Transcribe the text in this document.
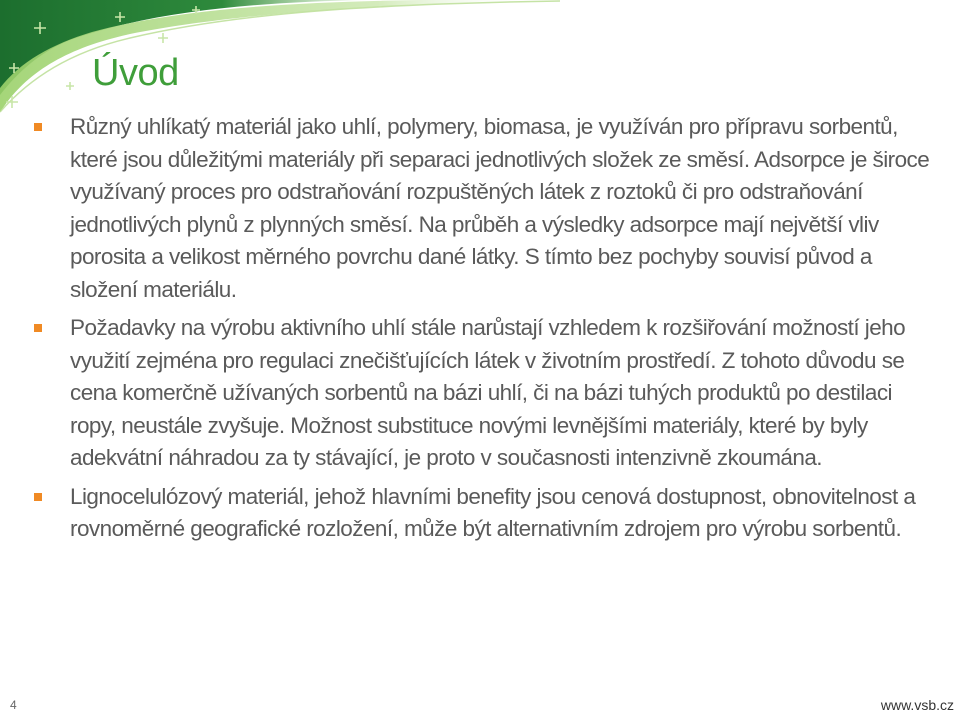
Úvod
Různý uhlíkatý materiál jako uhlí, polymery, biomasa, je využíván pro přípravu sorbentů, které jsou důležitými materiály při separaci jednotlivých složek ze směsí. Adsorpce je široce využívaný proces pro odstraňování rozpuštěných látek z roztoků či pro odstraňování jednotlivých plynů z plynných směsí. Na průběh a výsledky adsorpce mají největší vliv porosita a velikost měrného povrchu dané látky. S tímto bez pochyby souvisí původ a složení materiálu.
Požadavky na výrobu aktivního uhlí stále narůstají vzhledem k rozšiřování možností jeho využití zejména pro regulaci znečišťujících látek v životním prostředí. Z tohoto důvodu se cena komerčně užívaných sorbentů na bázi uhlí, či na bázi tuhých produktů po destilaci ropy, neustále zvyšuje. Možnost substituce novými levnějšími materiály, které by byly adekvátní náhradou za ty stávající, je proto v současnosti intenzivně zkoumána.
Lignocelulózový materiál, jehož hlavními benefity jsou cenová dostupnost, obnovitelnost a rovnoměrné geografické rozložení, může být alternativním zdrojem pro výrobu sorbentů.
4	www.vsb.cz
